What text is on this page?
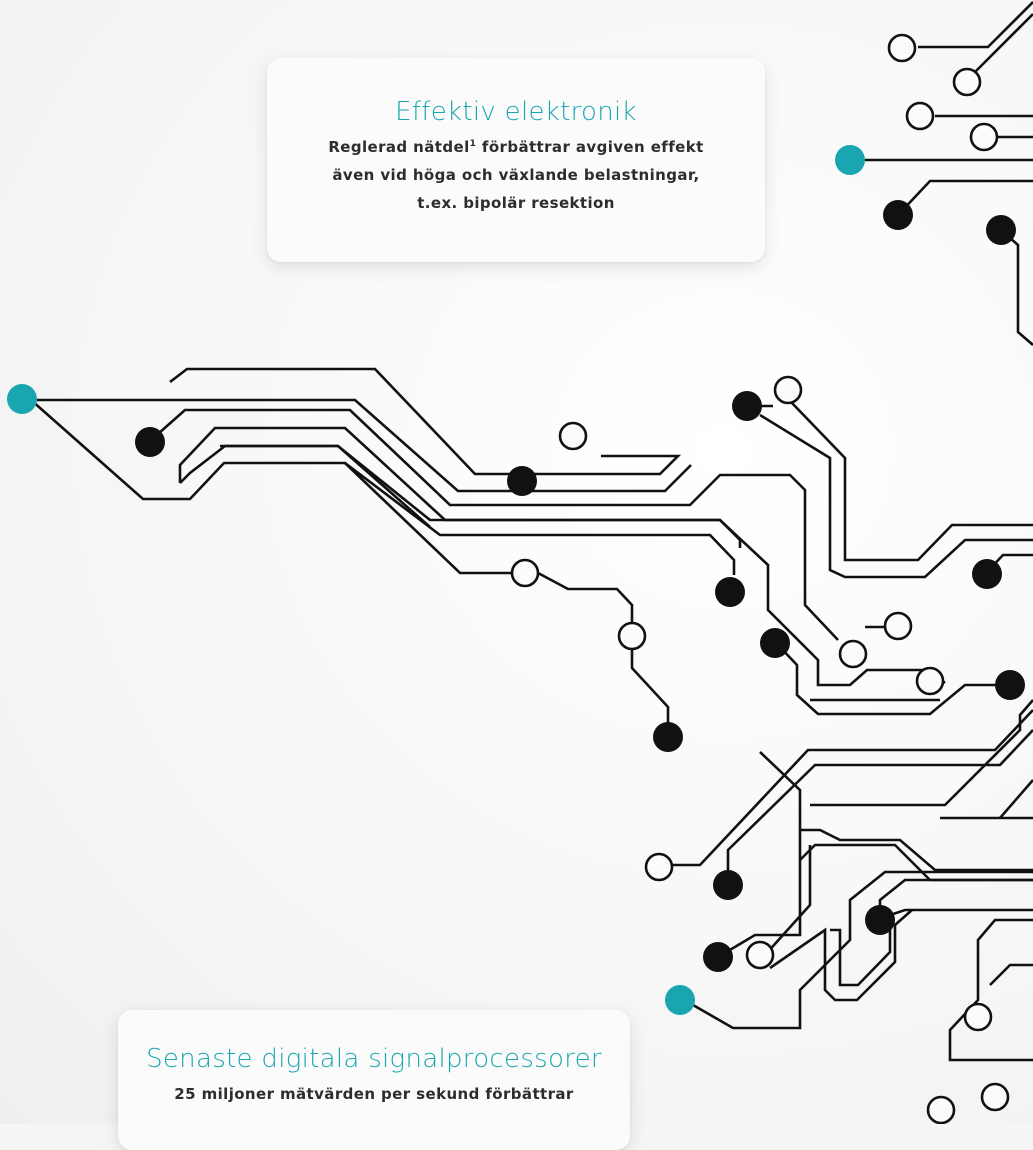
Effektiv elektronik
Reglerad nätdel$^1$ förbättrar avgiven effekt
även vid höga och växlande belastningar,
t.ex. bipolär resektion
Senaste digitala signalprocessorer
25 miljoner mätvärden per sekund förbättrar
